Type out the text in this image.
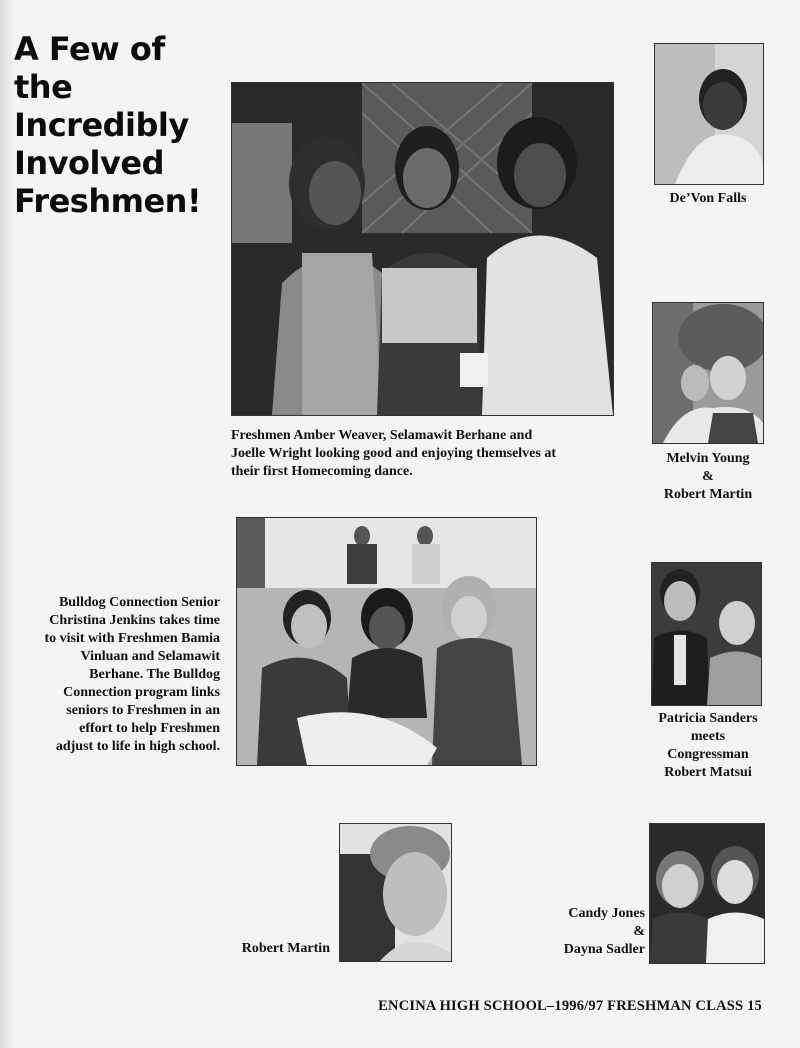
A Few of
the
Incredibly
Involved
Freshmen!	De’Von Falls
Melvin Young
&
Robert Martin
Freshmen Amber Weaver, Selamawit Berhane and
Joelle Wright looking good and enjoying themselves at
their first Homecoming dance.
Bulldog Connection Senior
Christina Jenkins takes time
to visit with Freshmen Bamia
Vinluan and Selamawit
Berhane. The Bulldog
Connection program links
seniors to Freshmen in an
effort to help Freshmen
adjust to life in high school.
Patricia Sanders
meets
Congressman
Robert Matsui
Robert Martin
Candy Jones
&
Dayna Sadler
ENCINA HIGH SCHOOL–1996/97 FRESHMAN CLASS 15
